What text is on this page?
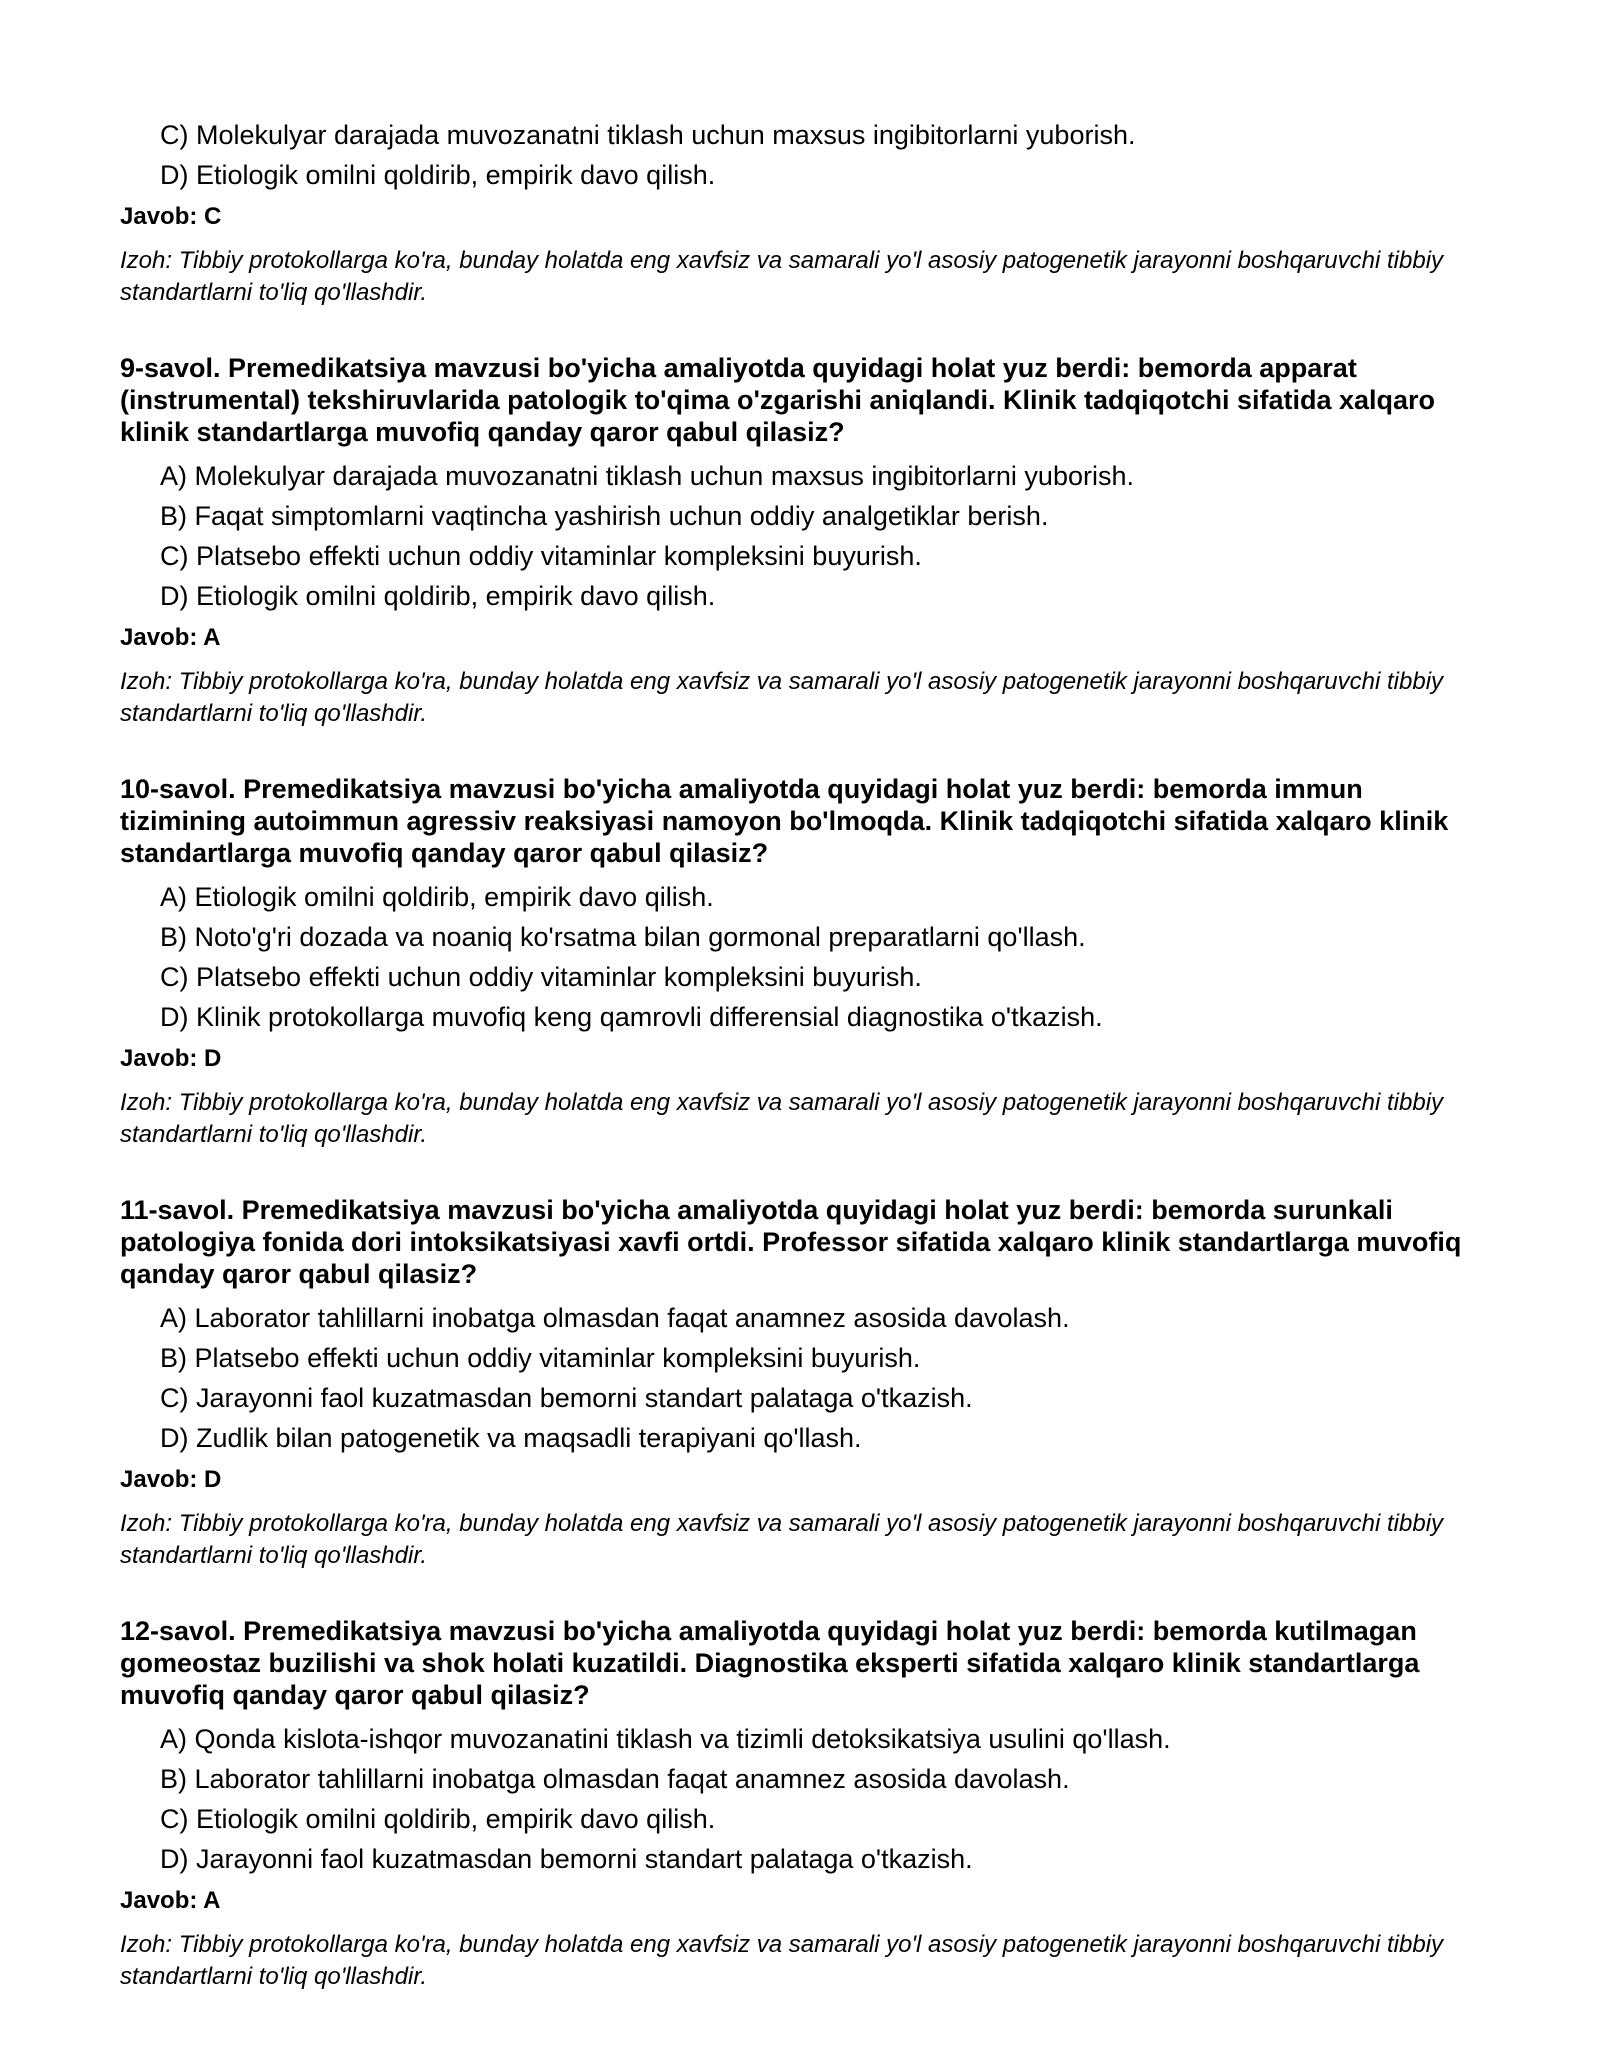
C) Molekulyar darajada muvozanatni tiklash uchun maxsus ingibitorlarni yuborish.

D) Etiologik omilni qoldirib, empirik davo qilish.

Javob: C

Izoh: Tibbiy protokollarga ko'ra, bunday holatda eng xavfsiz va samarali yo'l asosiy patogenetik jarayonni boshqaruvchi tibbiy standartlarni to'liq qo'llashdir.

9-savol. Premedikatsiya mavzusi bo'yicha amaliyotda quyidagi holat yuz berdi: bemorda apparat (instrumental) tekshiruvlarida patologik to'qima o'zgarishi aniqlandi. Klinik tadqiqotchi sifatida xalqaro klinik standartlarga muvofiq qanday qaror qabul qilasiz?

A) Molekulyar darajada muvozanatni tiklash uchun maxsus ingibitorlarni yuborish.

B) Faqat simptomlarni vaqtincha yashirish uchun oddiy analgetiklar berish.

C) Platsebo effekti uchun oddiy vitaminlar kompleksini buyurish.

D) Etiologik omilni qoldirib, empirik davo qilish.

Javob: A

Izoh: Tibbiy protokollarga ko'ra, bunday holatda eng xavfsiz va samarali yo'l asosiy patogenetik jarayonni boshqaruvchi tibbiy standartlarni to'liq qo'llashdir.

10-savol. Premedikatsiya mavzusi bo'yicha amaliyotda quyidagi holat yuz berdi: bemorda immun tizimining autoimmun agressiv reaksiyasi namoyon bo'lmoqda. Klinik tadqiqotchi sifatida xalqaro klinik standartlarga muvofiq qanday qaror qabul qilasiz?

A) Etiologik omilni qoldirib, empirik davo qilish.

B) Noto'g'ri dozada va noaniq ko'rsatma bilan gormonal preparatlarni qo'llash.

C) Platsebo effekti uchun oddiy vitaminlar kompleksini buyurish.

D) Klinik protokollarga muvofiq keng qamrovli differensial diagnostika o'tkazish.

Javob: D

Izoh: Tibbiy protokollarga ko'ra, bunday holatda eng xavfsiz va samarali yo'l asosiy patogenetik jarayonni boshqaruvchi tibbiy standartlarni to'liq qo'llashdir.

11-savol. Premedikatsiya mavzusi bo'yicha amaliyotda quyidagi holat yuz berdi: bemorda surunkali patologiya fonida dori intoksikatsiyasi xavfi ortdi. Professor sifatida xalqaro klinik standartlarga muvofiq qanday qaror qabul qilasiz?

A) Laborator tahlillarni inobatga olmasdan faqat anamnez asosida davolash.

B) Platsebo effekti uchun oddiy vitaminlar kompleksini buyurish.

C) Jarayonni faol kuzatmasdan bemorni standart palataga o'tkazish.

D) Zudlik bilan patogenetik va maqsadli terapiyani qo'llash.

Javob: D

Izoh: Tibbiy protokollarga ko'ra, bunday holatda eng xavfsiz va samarali yo'l asosiy patogenetik jarayonni boshqaruvchi tibbiy standartlarni to'liq qo'llashdir.

12-savol. Premedikatsiya mavzusi bo'yicha amaliyotda quyidagi holat yuz berdi: bemorda kutilmagan gomeostaz buzilishi va shok holati kuzatildi. Diagnostika eksperti sifatida xalqaro klinik standartlarga muvofiq qanday qaror qabul qilasiz?

A) Qonda kislota-ishqor muvozanatini tiklash va tizimli detoksikatsiya usulini qo'llash.

B) Laborator tahlillarni inobatga olmasdan faqat anamnez asosida davolash.

C) Etiologik omilni qoldirib, empirik davo qilish.

D) Jarayonni faol kuzatmasdan bemorni standart palataga o'tkazish.

Javob: A

Izoh: Tibbiy protokollarga ko'ra, bunday holatda eng xavfsiz va samarali yo'l asosiy patogenetik jarayonni boshqaruvchi tibbiy standartlarni to'liq qo'llashdir.
